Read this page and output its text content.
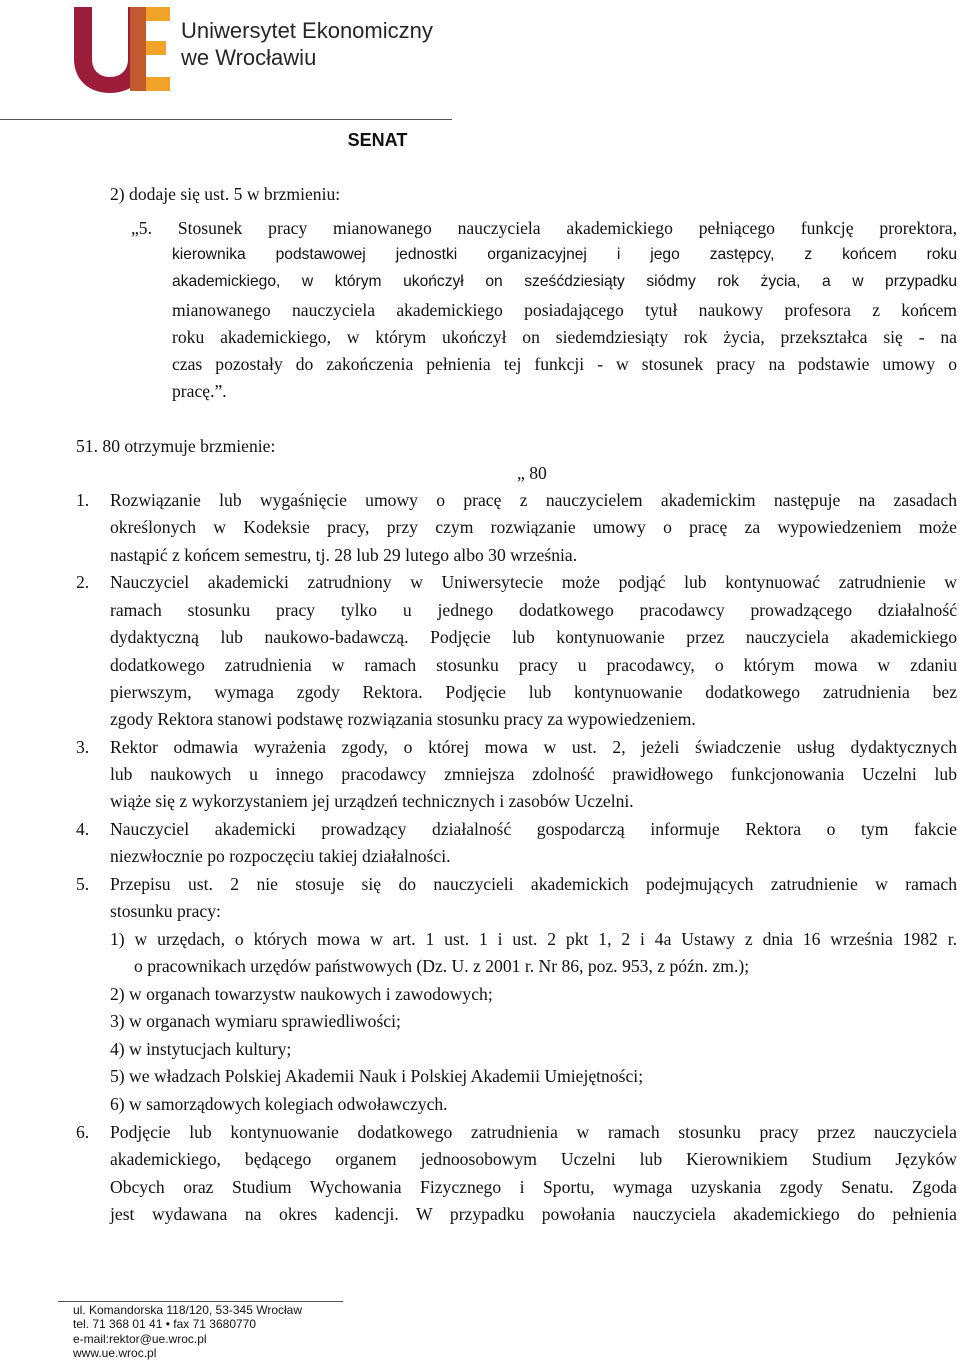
Uniwersytet Ekonomiczny
we Wrocławiu
SENAT
2) dodaje się ust. 5 w brzmieniu:
„5. Stosunek pracy mianowanego nauczyciela akademickiego pełniącego funkcję prorektora,
kierownika podstawowej jednostki organizacyjnej i jego zastępcy, z końcem roku
akademickiego, w którym ukończył on sześćdziesiąty siódmy rok życia, a w przypadku
mianowanego nauczyciela akademickiego posiadającego tytuł naukowy profesora z końcem
roku akademickiego, w którym ukończył on siedemdziesiąty rok życia, przekształca się - na
czas pozostały do zakończenia pełnienia tej funkcji - w stosunek pracy na podstawie umowy o
pracę.”.
51. 80 otrzymuje brzmienie:
„ 80
1. Rozwiązanie lub wygaśnięcie umowy o pracę z nauczycielem akademickim następuje na zasadach
określonych w Kodeksie pracy, przy czym rozwiązanie umowy o pracę za wypowiedzeniem może
nastąpić z końcem semestru, tj. 28 lub 29 lutego albo 30 września.
2. Nauczyciel akademicki zatrudniony w Uniwersytecie może podjąć lub kontynuować zatrudnienie w
ramach stosunku pracy tylko u jednego dodatkowego pracodawcy prowadzącego działalność
dydaktyczną lub naukowo-badawczą. Podjęcie lub kontynuowanie przez nauczyciela akademickiego
dodatkowego zatrudnienia w ramach stosunku pracy u pracodawcy, o którym mowa w zdaniu
pierwszym, wymaga zgody Rektora. Podjęcie lub kontynuowanie dodatkowego zatrudnienia bez
zgody Rektora stanowi podstawę rozwiązania stosunku pracy za wypowiedzeniem.
3. Rektor odmawia wyrażenia zgody, o której mowa w ust. 2, jeżeli świadczenie usług dydaktycznych
lub naukowych u innego pracodawcy zmniejsza zdolność prawidłowego funkcjonowania Uczelni lub
wiąże się z wykorzystaniem jej urządzeń technicznych i zasobów Uczelni.
4. Nauczyciel akademicki prowadzący działalność gospodarczą informuje Rektora o tym fakcie
niezwłocznie po rozpoczęciu takiej działalności.
5. Przepisu ust. 2 nie stosuje się do nauczycieli akademickich podejmujących zatrudnienie w ramach
stosunku pracy:
1) w urzędach, o których mowa w art. 1 ust. 1 i ust. 2 pkt 1, 2 i 4a Ustawy z dnia 16 września 1982 r.
o pracownikach urzędów państwowych (Dz. U. z 2001 r. Nr 86, poz. 953, z późn. zm.);
2) w organach towarzystw naukowych i zawodowych;
3) w organach wymiaru sprawiedliwości;
4) w instytucjach kultury;
5) we władzach Polskiej Akademii Nauk i Polskiej Akademii Umiejętności;
6) w samorządowych kolegiach odwoławczych.
6. Podjęcie lub kontynuowanie dodatkowego zatrudnienia w ramach stosunku pracy przez nauczyciela
akademickiego, będącego organem jednoosobowym Uczelni lub Kierownikiem Studium Języków
Obcych oraz Studium Wychowania Fizycznego i Sportu, wymaga uzyskania zgody Senatu. Zgoda
jest wydawana na okres kadencji. W przypadku powołania nauczyciela akademickiego do pełnienia
ul. Komandorska 118/120, 53-345 Wrocław
tel. 71 368 01 41 • fax 71 3680770
e-mail:rektor@ue.wroc.pl
www.ue.wroc.pl
